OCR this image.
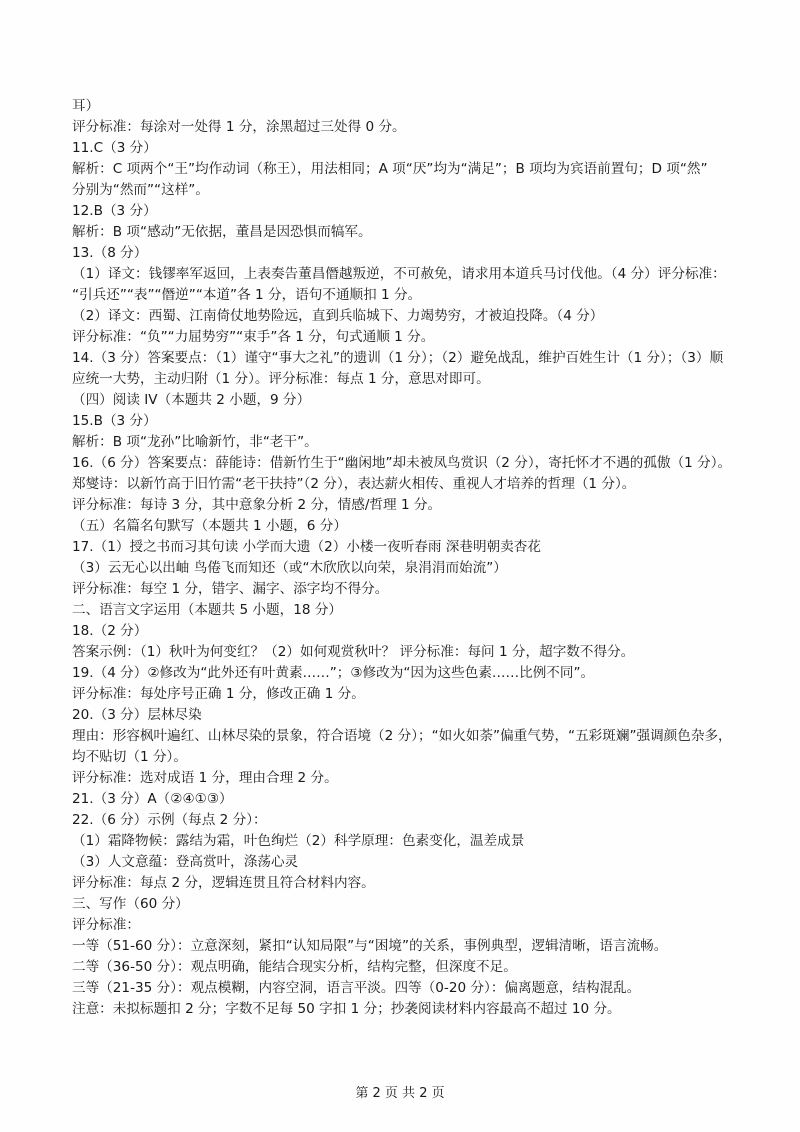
耳）
评分标准：每涂对一处得 1 分，涂黑超过三处得 0 分。
11.C（3 分）
解析：C 项两个“王”均作动词（称王），用法相同；A 项“厌”均为“满足”；B 项均为宾语前置句；D 项“然”
分别为“然而”“这样”。
12.B（3 分）
解析：B 项“感动”无依据，董昌是因恐惧而犒军。
13.（8 分）
（1）译文：钱镠率军返回，上表奏告董昌僭越叛逆，不可赦免，请求用本道兵马讨伐他。（4 分）评分标准：
“引兵还”“表”“僭逆”“本道”各 1 分，语句不通顺扣 1 分。
（2）译文：西蜀、江南倚仗地势险远，直到兵临城下、力竭势穷，才被迫投降。（4 分）
评分标准：“负”“力屈势穷”“束手”各 1 分，句式通顺 1 分。
14.（3 分）答案要点：（1）谨守“事大之礼”的遗训（1 分）；（2）避免战乱，维护百姓生计（1 分）；（3）顺
应统一大势，主动归附（1 分）。评分标准：每点 1 分，意思对即可。
（四）阅读 IV（本题共 2 小题，9 分）
15.B（3 分）
解析：B 项“龙孙”比喻新竹，非“老干”。
16.（6 分）答案要点：薛能诗：借新竹生于“幽闲地”却未被凤鸟赏识（2 分），寄托怀才不遇的孤傲（1 分）。
郑燮诗：以新竹高于旧竹需“老干扶持”（2 分），表达薪火相传、重视人才培养的哲理（1 分）。
评分标准：每诗 3 分，其中意象分析 2 分，情感/哲理 1 分。
（五）名篇名句默写（本题共 1 小题，6 分）
17.（1）授之书而习其句读 小学而大遗（2）小楼一夜听春雨 深巷明朝卖杏花
（3）云无心以出岫 鸟倦飞而知还（或“木欣欣以向荣，泉涓涓而始流”）
评分标准：每空 1 分，错字、漏字、添字均不得分。
二、语言文字运用（本题共 5 小题，18 分）
18.（2 分）
答案示例：（1）秋叶为何变红？（2）如何观赏秋叶？ 评分标准：每问 1 分，超字数不得分。
19.（4 分）②修改为“此外还有叶黄素……”；③修改为“因为这些色素……比例不同”。
评分标准：每处序号正确 1 分，修改正确 1 分。
20.（3 分）层林尽染
理由：形容枫叶遍红、山林尽染的景象，符合语境（2 分）；“如火如荼”偏重气势，“五彩斑斓”强调颜色杂多，
均不贴切（1 分）。
评分标准：选对成语 1 分，理由合理 2 分。
21.（3 分）A（②④①③）
22.（6 分）示例（每点 2 分）：
（1）霜降物候：露结为霜，叶色绚烂（2）科学原理：色素变化，温差成景
（3）人文意蕴：登高赏叶，涤荡心灵
评分标准：每点 2 分，逻辑连贯且符合材料内容。
三、写作（60 分）
评分标准：
一等（51-60 分）：立意深刻，紧扣“认知局限”与“困境”的关系，事例典型，逻辑清晰，语言流畅。
二等（36-50 分）：观点明确，能结合现实分析，结构完整，但深度不足。
三等（21-35 分）：观点模糊，内容空洞，语言平淡。四等（0-20 分）：偏离题意，结构混乱。
注意：未拟标题扣 2 分；字数不足每 50 字扣 1 分；抄袭阅读材料内容最高不超过 10 分。
第 2 页 共 2 页
